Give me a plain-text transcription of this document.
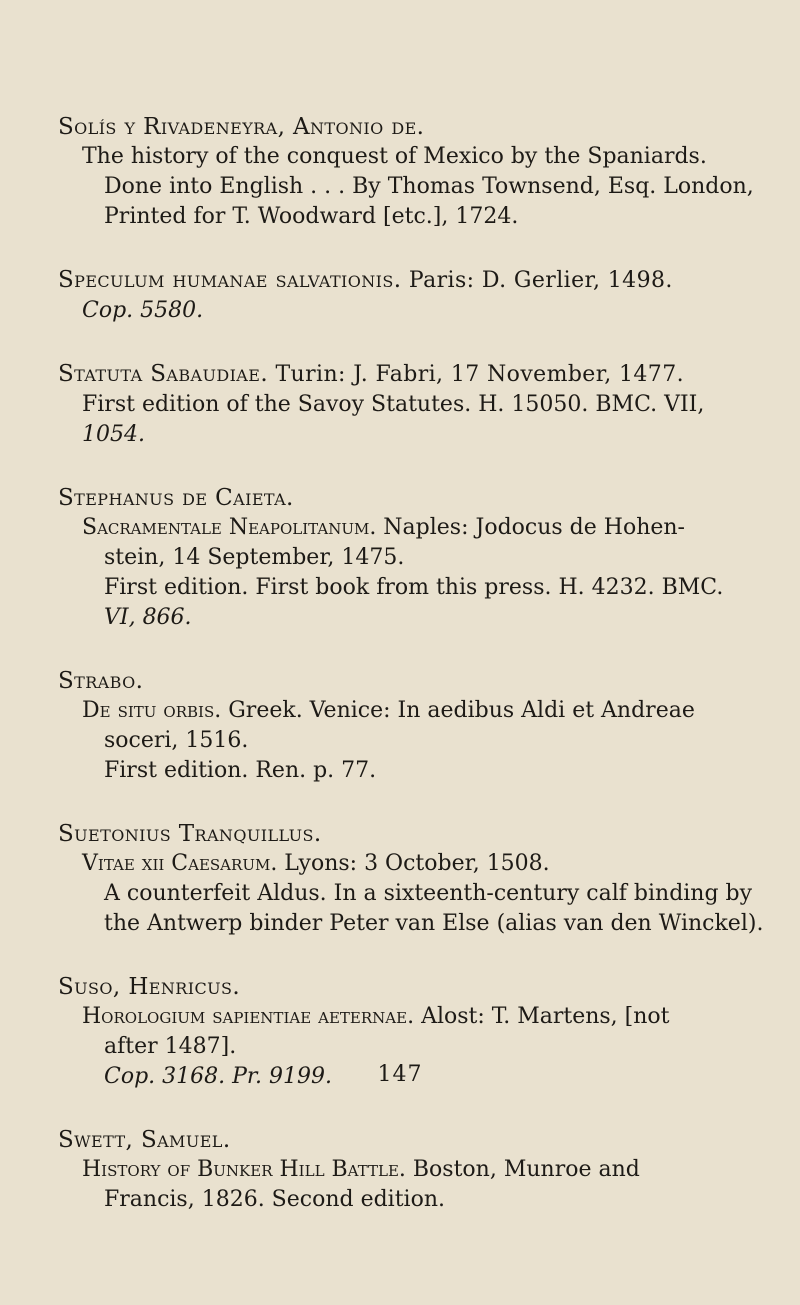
Solís y Rivadeneyra, Antonio de.
The history of the conquest of Mexico by the Spaniards.
Done into English . . . By Thomas Townsend, Esq. London,
Printed for T. Woodward [etc.], 1724.
Speculum humanae salvationis. Paris: D. Gerlier, 1498.
Cop. 5580.
Statuta Sabaudiae. Turin: J. Fabri, 17 November, 1477.
First edition of the Savoy Statutes. H. 15050. BMC. VII,
1054.
Stephanus de Caieta.
Sacramentale Neapolitanum. Naples: Jodocus de Hohen-
stein, 14 September, 1475.
First edition. First book from this press. H. 4232. BMC.
VI, 866.
Strabo.
De situ orbis. Greek. Venice: In aedibus Aldi et Andreae
soceri, 1516.
First edition. Ren. p. 77.
Suetonius Tranquillus.
Vitae xii Caesarum. Lyons: 3 October, 1508.
A counterfeit Aldus. In a sixteenth-century calf binding by
the Antwerp binder Peter van Else (alias van den Winckel).
Suso, Henricus.
Horologium sapientiae aeternae. Alost: T. Martens, [not
after 1487].
Cop. 3168. Pr. 9199.
Swett, Samuel.
History of Bunker Hill Battle. Boston, Munroe and
Francis, 1826. Second edition.
147
